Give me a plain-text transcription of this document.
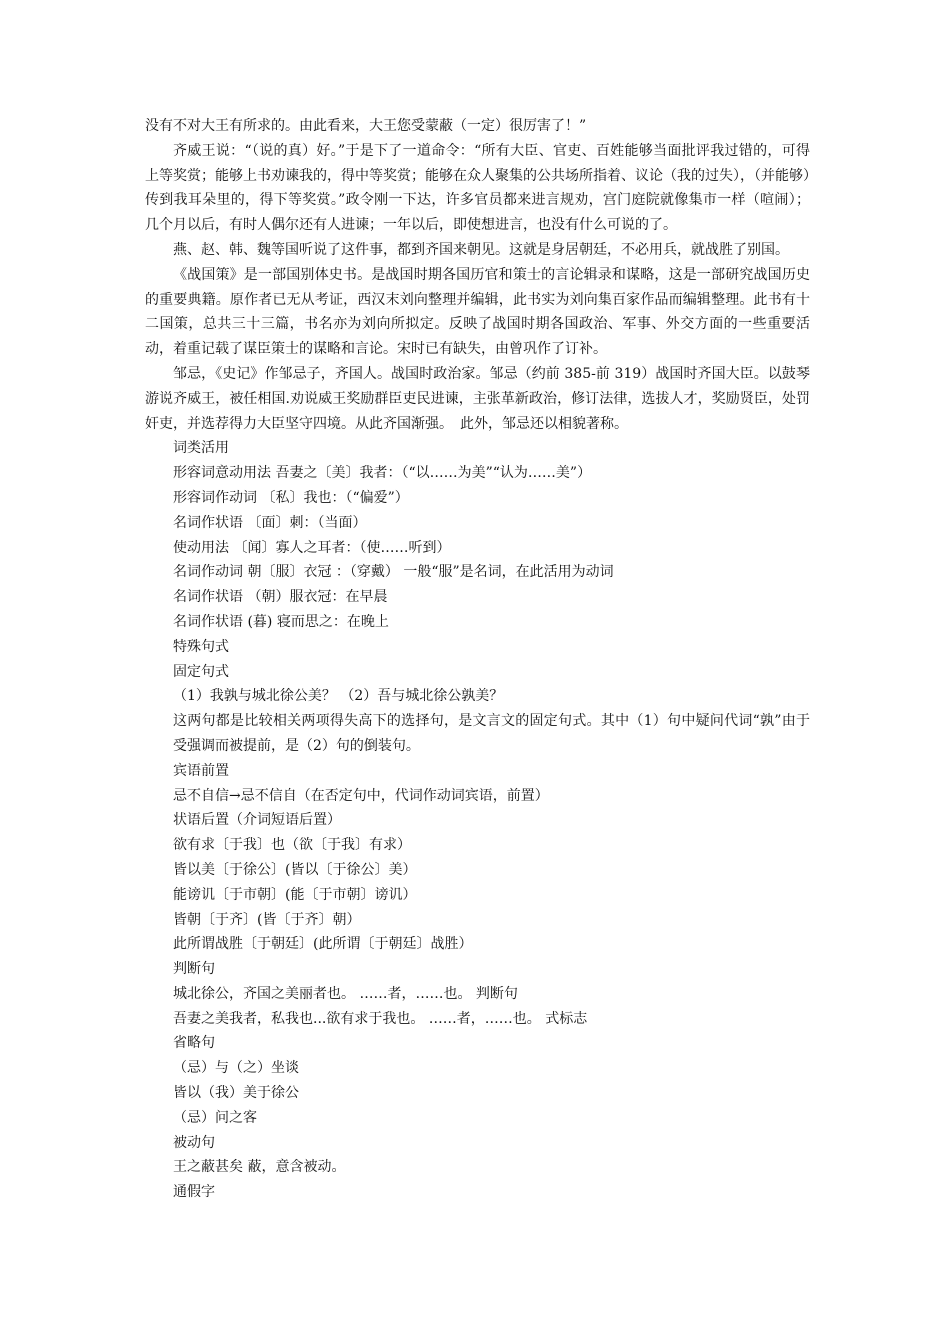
没有不对大王有所求的。由此看来，大王您受蒙蔽（一定）很厉害了！”

齐威王说：“（说的真）好。”于是下了一道命令：“所有大臣、官吏、百姓能够当面批评我过错的，可得上等奖赏；能够上书劝谏我的，得中等奖赏；能够在众人聚集的公共场所指着、议论（我的过失），（并能够）传到我耳朵里的，得下等奖赏。”政令刚一下达，许多官员都来进言规劝，宫门庭院就像集市一样（喧闹）；几个月以后，有时人偶尔还有人进谏；一年以后，即使想进言，也没有什么可说的了。

燕、赵、韩、魏等国听说了这件事，都到齐国来朝见。这就是身居朝廷，不必用兵，就战胜了别国。

《战国策》是一部国别体史书。是战国时期各国历官和策士的言论辑录和谋略，这是一部研究战国历史的重要典籍。原作者已无从考证，西汉末刘向整理并编辑，此书实为刘向集百家作品而编辑整理。此书有十二国策，总共三十三篇，书名亦为刘向所拟定。反映了战国时期各国政治、军事、外交方面的一些重要活动，着重记载了谋臣策士的谋略和言论。宋时已有缺失，由曾巩作了订补。

邹忌，《史记》作邹忌子，齐国人。战国时政治家。邹忌（约前 385-前 319）战国时齐国大臣。以鼓琴游说齐威王，被任相国.劝说威王奖励群臣吏民进谏，主张革新政治，修订法律，选拔人才，奖励贤臣，处罚奸吏，并选荐得力大臣坚守四境。从此齐国渐强。　此外，邹忌还以相貌著称。

词类活用
形容词意动用法 吾妻之〔美〕我者：（“以……为美”“认为……美”）
形容词作动词 〔私〕我也：（“偏爱”）
名词作状语 〔面〕刺：（当面）
使动用法 〔闻〕寡人之耳者：（使……听到）
名词作动词 朝〔服〕衣冠 ：（穿戴） 一般“服”是名词，在此活用为动词
名词作状语 （朝）服衣冠：在早晨
名词作状语 (暮) 寝而思之：在晚上
特殊句式
固定句式
（1）我孰与城北徐公美？ （2）吾与城北徐公孰美？
这两句都是比较相关两项得失高下的选择句，是文言文的固定句式。其中（1）句中疑问代词“孰”由于受强调而被提前，是（2）句的倒装句。
宾语前置
忌不自信→忌不信自（在否定句中，代词作动词宾语，前置）
状语后置（介词短语后置）
欲有求〔于我〕也（欲〔于我〕有求）
皆以美〔于徐公〕(皆以〔于徐公〕美）
能谤讥〔于市朝〕(能〔于市朝〕谤讥）
皆朝〔于齐〕(皆〔于齐〕朝）
此所谓战胜〔于朝廷〕(此所谓〔于朝廷〕战胜）
判断句
城北徐公，齐国之美丽者也。 ……者，……也。 判断句
吾妻之美我者，私我也...欲有求于我也。 ……者，……也。 式标志
省略句
（忌）与（之）坐谈
皆以（我）美于徐公
（忌）问之客
被动句
王之蔽甚矣 蔽，意含被动。
通假字
